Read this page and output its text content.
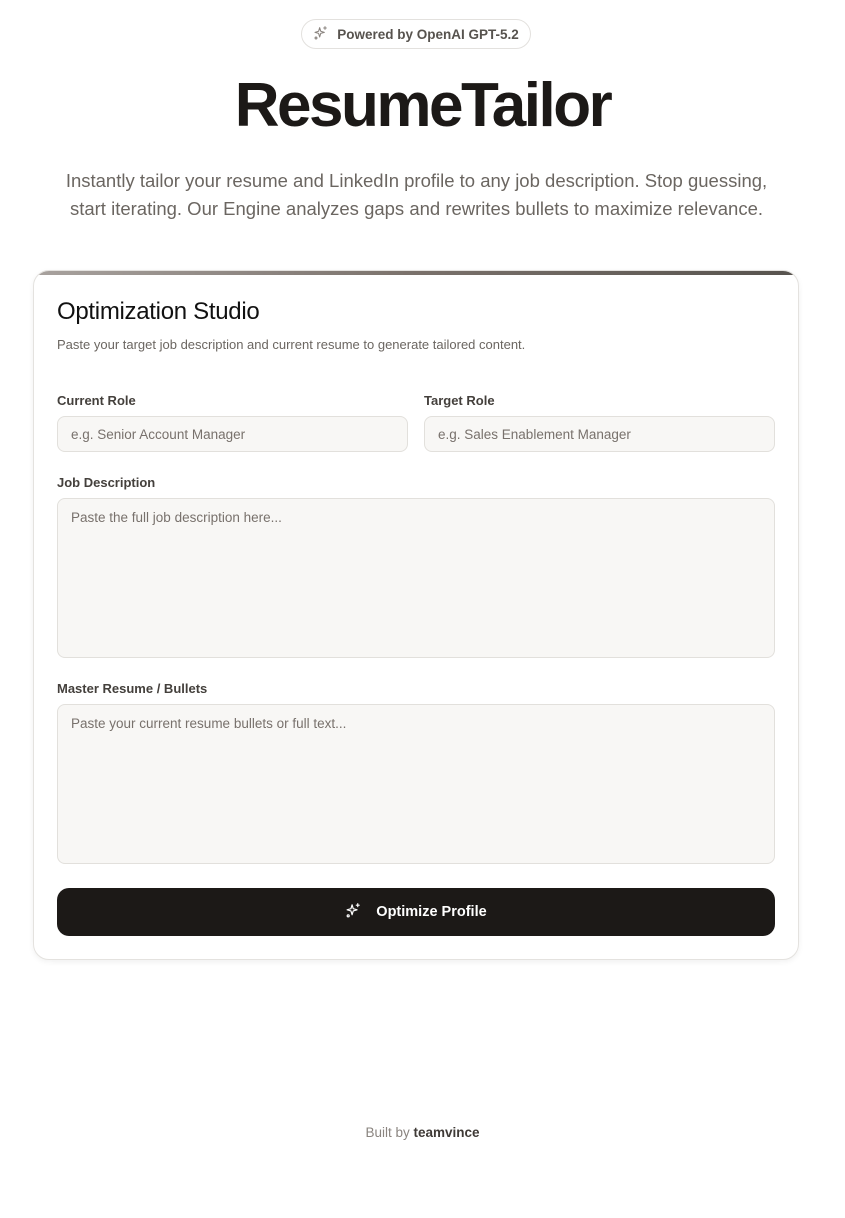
Powered by OpenAI GPT-5.2
ResumeTailor

Instantly tailor your resume and LinkedIn profile to any job description. Stop guessing, start iterating. Our Engine analyzes gaps and rewrites bullets to maximize relevance.

Optimization Studio

Paste your target job description and current resume to generate tailored content.

Current Role
e.g. Senior Account Manager	Target Role
e.g. Sales Enablement Manager
Job Description
Paste the full job description here...
Master Resume / Bullets
Paste your current resume bullets or full text...
Optimize Profile
Built by teamvince
